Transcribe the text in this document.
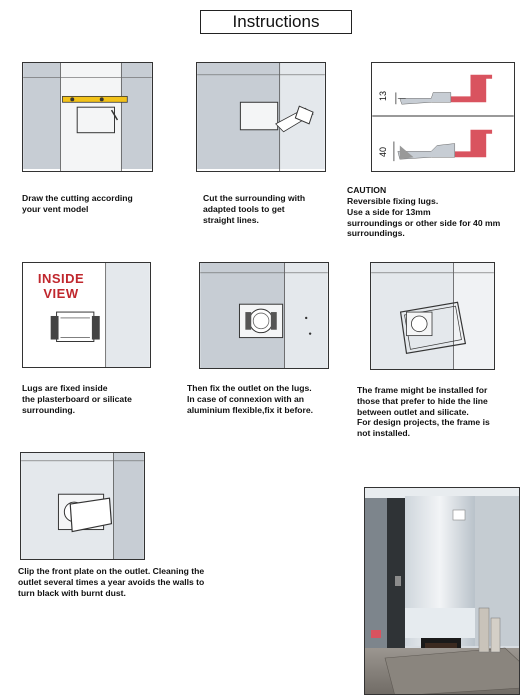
Instructions
Draw the cutting according
your vent model
Cut the surrounding with
adapted tools to get
straight lines.
13
40
CAUTION
Reversible fixing lugs.
Use a side for 13mm
surroundings or other side for 40 mm
surroundings.
INSIDE
VIEW
Lugs are fixed inside
the plasterboard or silicate
surrounding.
Then fix the outlet on the lugs.
In case of connexion with an
aluminium flexible,fix it before.
The frame might be installed for
those that prefer to hide the line
between outlet and silicate.
For design projects, the frame is
not installed.
Clip the front plate on the outlet. Cleaning the
outlet several times a year avoids the walls to
turn black with burnt dust.
